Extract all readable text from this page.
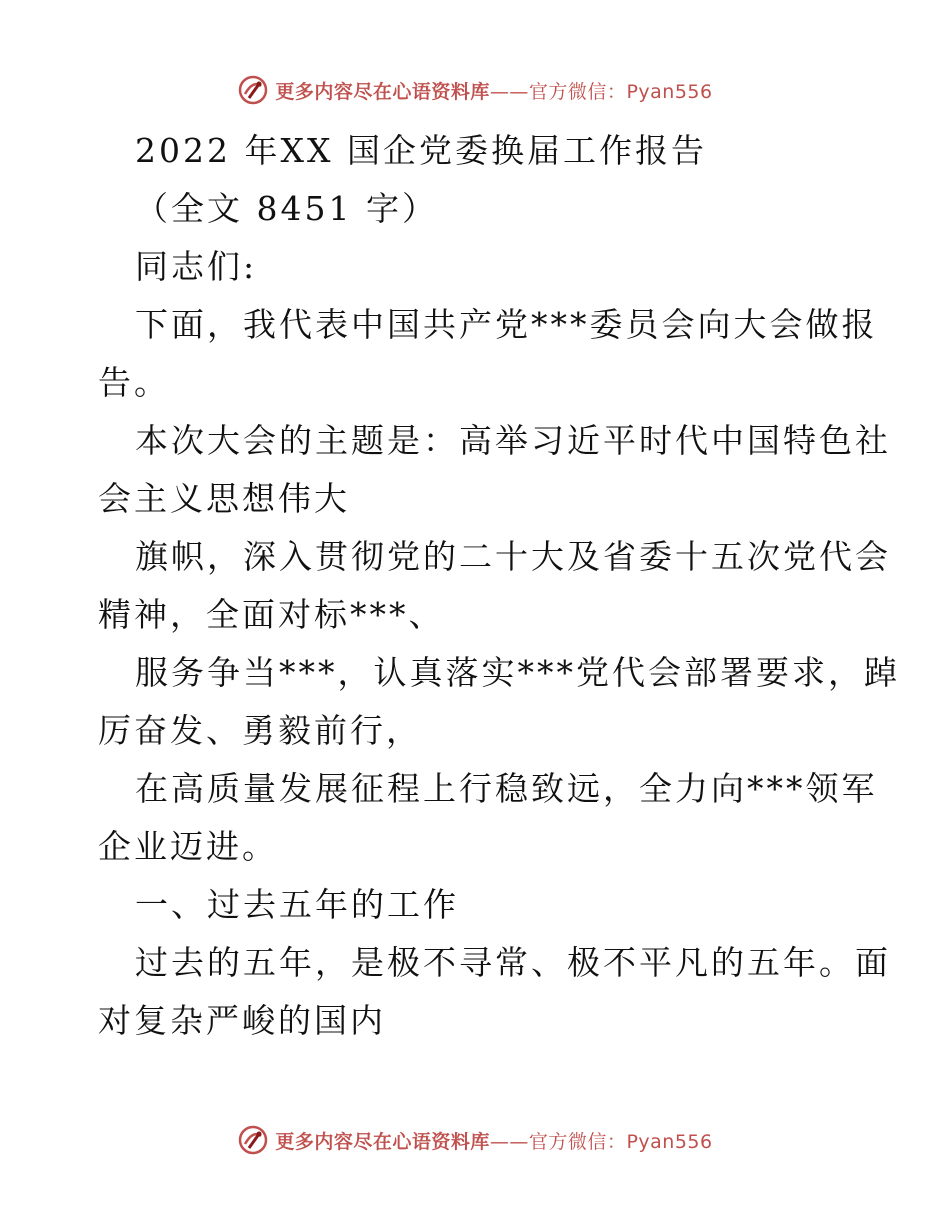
更多内容尽在心语资料库——官方微信：Pyan556
2022 年XX 国企党委换届工作报告
（全文 8451 字）
同志们:
下面，我代表中国共产党***委员会向大会做报
告。
本次大会的主题是：高举习近平时代中国特色社
会主义思想伟大
旗帜，深入贯彻党的二十大及省委十五次党代会
精神，全面对标***、
服务争当***，认真落实***党代会部署要求，踔
厉奋发、勇毅前行，
在高质量发展征程上行稳致远，全力向***领军
企业迈进。
一、过去五年的工作
过去的五年，是极不寻常、极不平凡的五年。面
对复杂严峻的国内
更多内容尽在心语资料库——官方微信：Pyan556
